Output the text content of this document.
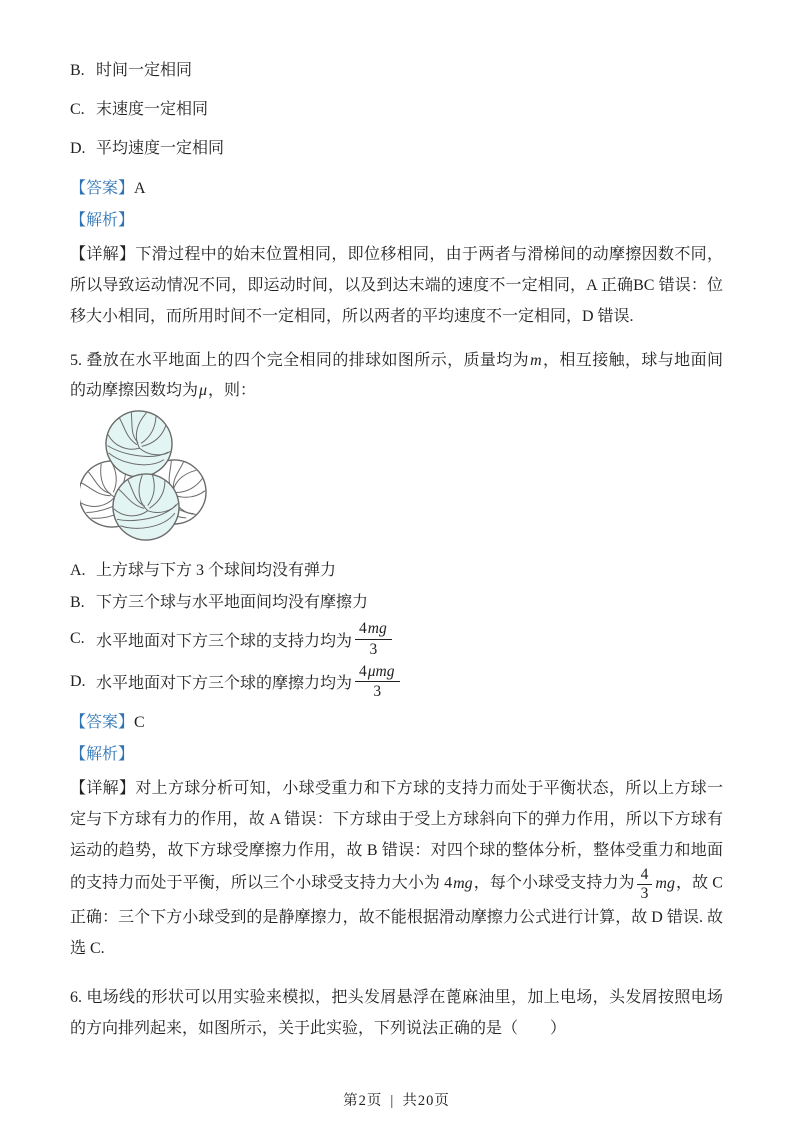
B. 时间一定相同
C. 末速度一定相同
D. 平均速度一定相同
【答案】A
【解析】
【详解】下滑过程中的始末位置相同，即位移相同，由于两者与滑梯间的动摩擦因数不同，所以导致运动情况不同，即运动时间，以及到达末端的速度不一定相同，A 正确BC 错误：位移大小相同，而所用时间不一定相同，所以两者的平均速度不一定相同，D 错误.
5. 叠放在水平地面上的四个完全相同的排球如图所示，质量均为m，相互接触，球与地面间的动摩擦因数均为μ，则：
A. 上方球与下方 3 个球间均没有弹力
B. 下方三个球与水平地面间均没有摩擦力
C. 水平地面对下方三个球的支持力均为 $\frac{4mg}{3}$
D. 水平地面对下方三个球的摩擦力均为 $\frac{\text{4μmg}}{3}$
【答案】C
【解析】
【详解】对上方球分析可知，小球受重力和下方球的支持力而处于平衡状态，所以上方球一定与下方球有力的作用，故 A 错误：下方球由于受上方球斜向下的弹力作用，所以下方球有运动的趋势，故下方球受摩擦力作用，故 B 错误：对四个球的整体分析，整体受重力和地面的支持力而处于平衡，所以三个小球受支持力大小为 4mg，每个小球受支持力为 $\frac{4}{3}$ mg，故 C 正确：三个下方小球受到的是静摩擦力，故不能根据滑动摩擦力公式进行计算，故 D 错误. 故选 C.
6. 电场线的形状可以用实验来模拟，把头发屑悬浮在蓖麻油里，加上电场，头发屑按照电场的方向排列起来，如图所示，关于此实验，下列说法正确的是（　　）
第2页 | 共20页
